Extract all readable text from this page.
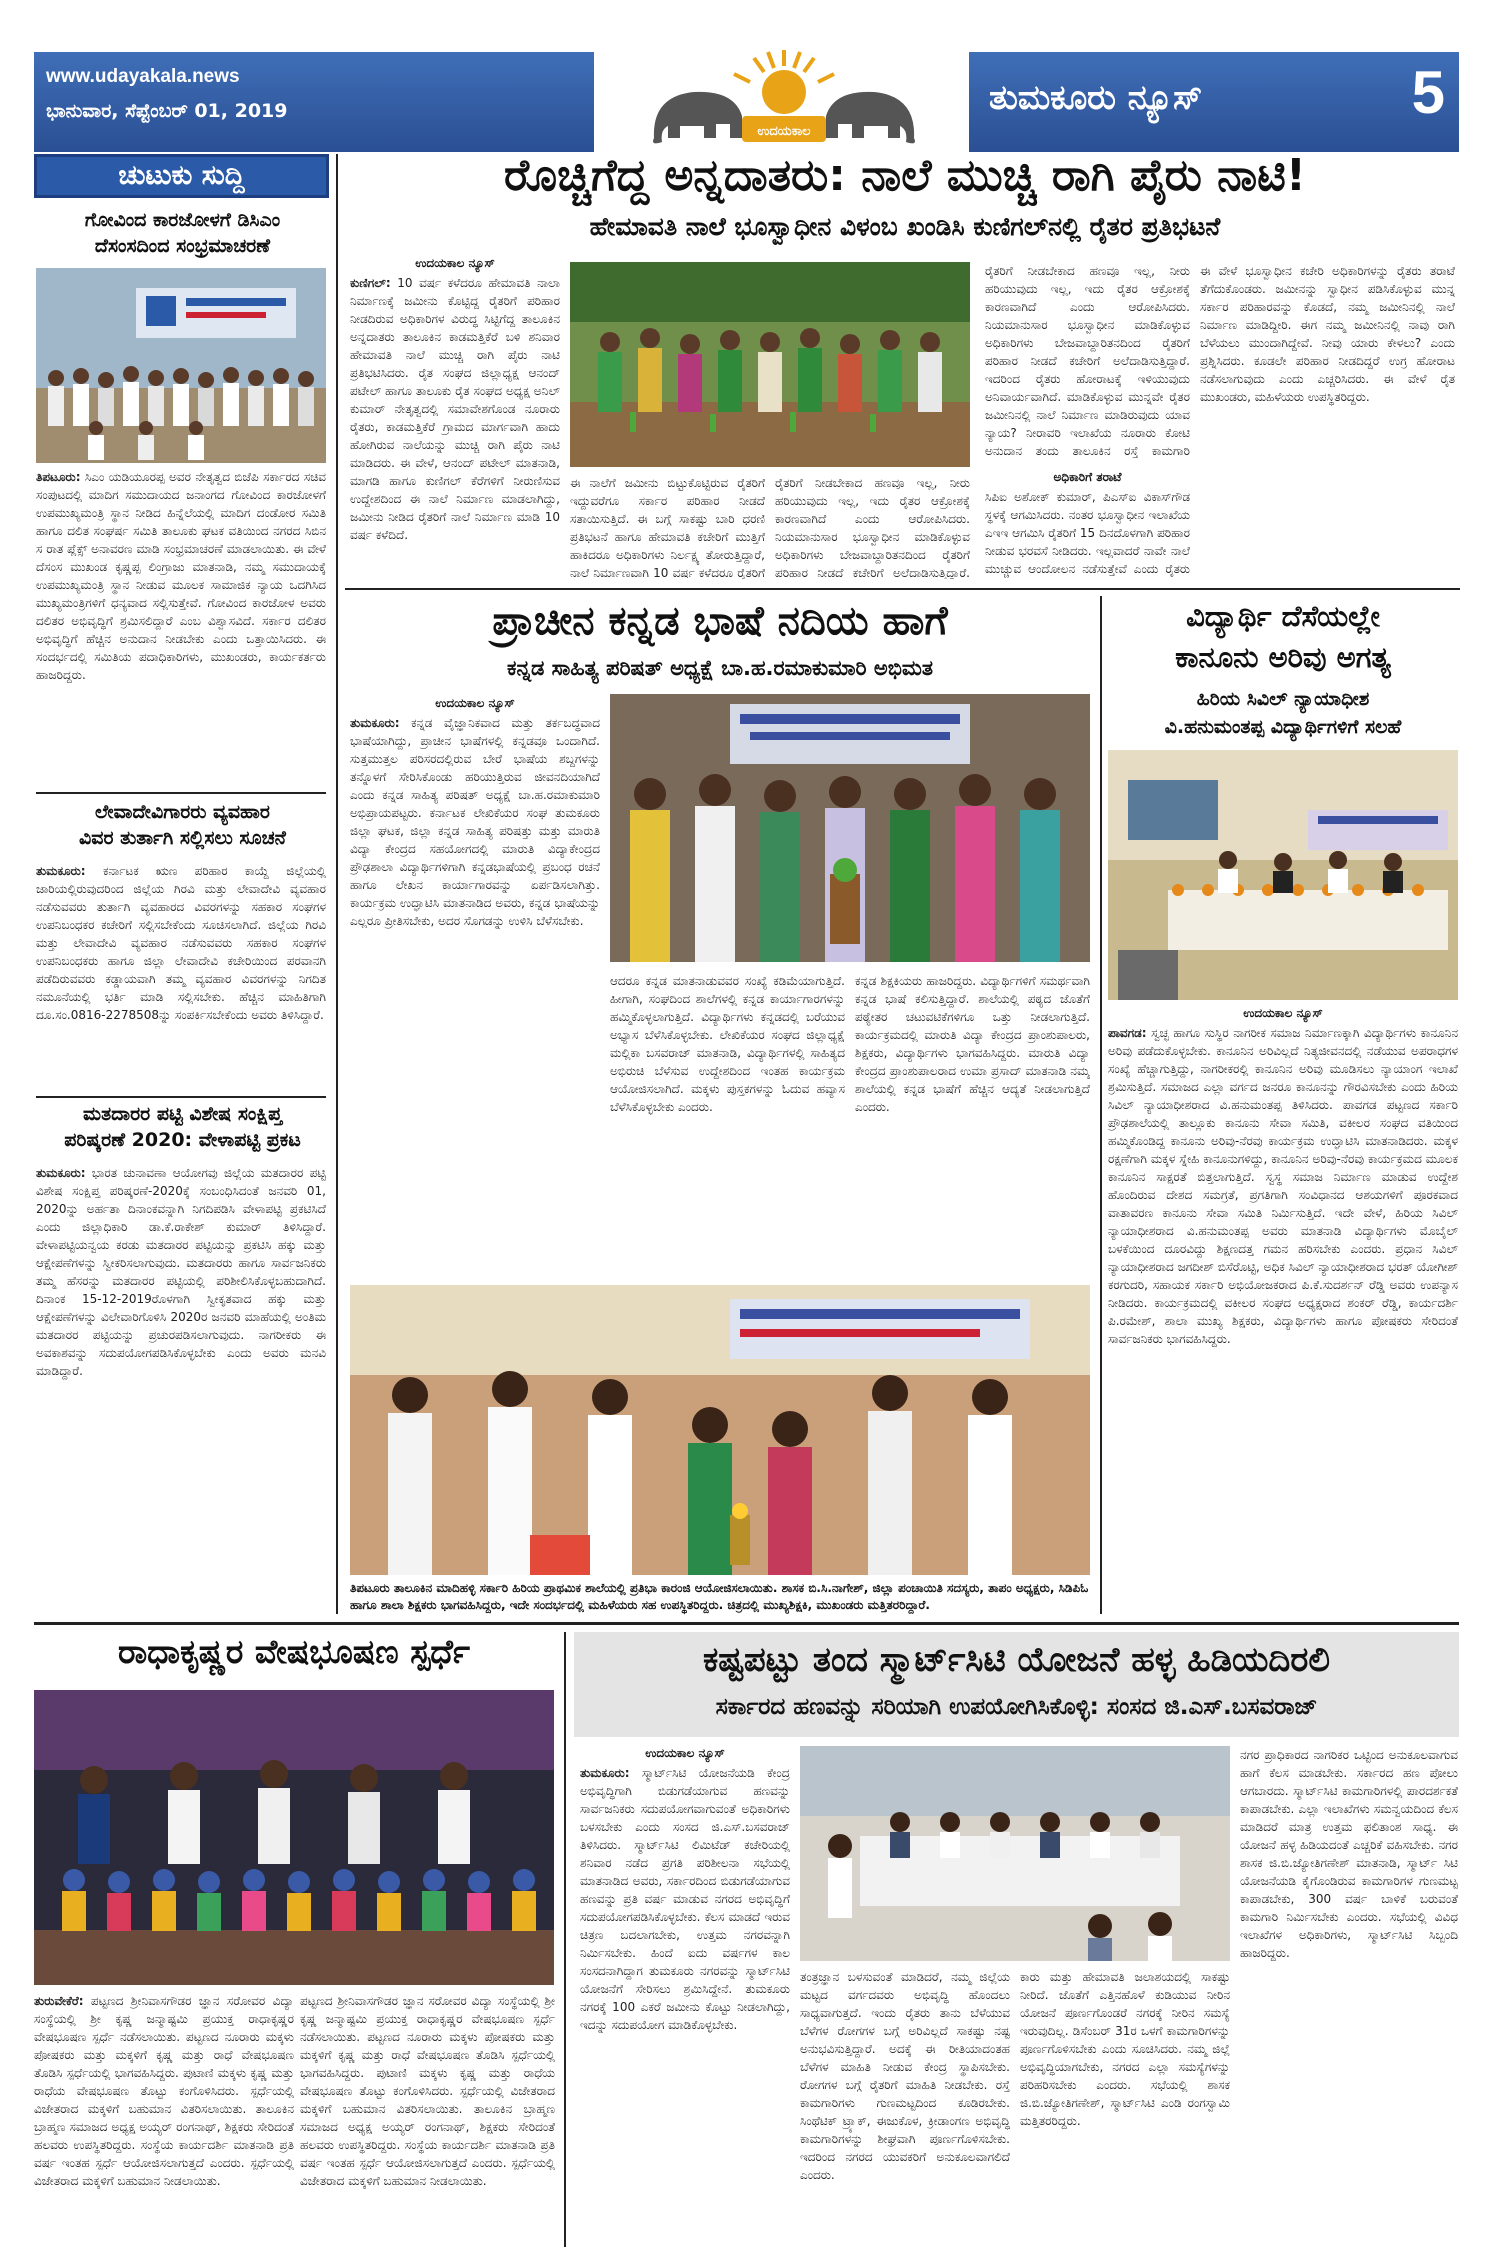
www.udayakala.news
ಭಾನುವಾರ, ಸೆಪ್ಟೆಂಬರ್ 01, 2019
ಉದಯಕಾಲ
ತುಮಕೂರು ನ್ಯೂಸ್	5
ಚುಟುಕು ಸುದ್ದಿ
ಗೋವಿಂದ ಕಾರಜೋಳಗೆ ಡಿಸಿಎಂ
ದೆಸಂಸದಿಂದ ಸಂಭ್ರಮಾಚರಣೆ
ತಿಪಟೂರು: ಸಿಎಂ ಯಡಿಯೂರಪ್ಪ ಅವರ ನೇತೃತ್ವದ ಬಿಜೆಪಿ ಸರ್ಕಾರದ ಸಚಿವ ಸಂಪುಟದಲ್ಲಿ ಮಾದಿಗ ಸಮುದಾಯದ ಜನಾಂಗದ ಗೋವಿಂದ ಕಾರಜೋಳಗೆ ಉಪಮುಖ್ಯಮಂತ್ರಿ ಸ್ಥಾನ ನೀಡಿದ ಹಿನ್ನೆಲೆಯಲ್ಲಿ ಮಾದಿಗ ದಂಡೋರ ಸಮಿತಿ ಹಾಗೂ ದಲಿತ ಸಂಘರ್ಷ ಸಮಿತಿ ತಾಲೂಕು ಘಟಕ ವತಿಯಿಂದ ನಗರದ ಸಿಬಿನ ಸ ರಾತ ಪ್ಲೆಕ್ಸ್ ಅನಾವರಣ ಮಾಡಿ ಸಂಭ್ರಮಾಚರಣೆ ಮಾಡಲಾಯಿತು. ಈ ವೇಳೆ ದೆಸಂಸ ಮುಖಂಡ ಕೃಷ್ಣಪ್ಪ ಲಿಂಗ್ರಾಜು ಮಾತನಾಡಿ, ನಮ್ಮ ಸಮುದಾಯಕ್ಕೆ ಉಪಮುಖ್ಯಮಂತ್ರಿ ಸ್ಥಾನ ನೀಡುವ ಮೂಲಕ ಸಾಮಾಜಿಕ ನ್ಯಾಯ ಒದಗಿಸಿದ ಮುಖ್ಯಮಂತ್ರಿಗಳಿಗೆ ಧನ್ಯವಾದ ಸಲ್ಲಿಸುತ್ತೇವೆ. ಗೋವಿಂದ ಕಾರಜೋಳ ಅವರು ದಲಿತರ ಅಭಿವೃದ್ಧಿಗೆ ಶ್ರಮಿಸಲಿದ್ದಾರೆ ಎಂಬ ವಿಶ್ವಾಸವಿದೆ. ಸರ್ಕಾರ ದಲಿತರ ಅಭಿವೃದ್ಧಿಗೆ ಹೆಚ್ಚಿನ ಅನುದಾನ ನೀಡಬೇಕು ಎಂದು ಒತ್ತಾಯಿಸಿದರು. ಈ ಸಂದರ್ಭದಲ್ಲಿ ಸಮಿತಿಯ ಪದಾಧಿಕಾರಿಗಳು, ಮುಖಂಡರು, ಕಾರ್ಯಕರ್ತರು ಹಾಜರಿದ್ದರು.
ಲೇವಾದೇವಿಗಾರರು ವ್ಯವಹಾರ
ವಿವರ ತುರ್ತಾಗಿ ಸಲ್ಲಿಸಲು ಸೂಚನೆ
ತುಮಕೂರು: ಕರ್ನಾಟಕ ಋಣ ಪರಿಹಾರ ಕಾಯ್ದೆ ಜಿಲ್ಲೆಯಲ್ಲಿ ಜಾರಿಯಲ್ಲಿರುವುದರಿಂದ ಜಿಲ್ಲೆಯ ಗಿರವಿ ಮತ್ತು ಲೇವಾದೇವಿ ವ್ಯವಹಾರ ನಡೆಸುವವರು ತುರ್ತಾಗಿ ವ್ಯವಹಾರದ ವಿವರಗಳನ್ನು ಸಹಕಾರ ಸಂಘಗಳ ಉಪನಿಬಂಧಕರ ಕಚೇರಿಗೆ ಸಲ್ಲಿಸಬೇಕೆಂದು ಸೂಚಿಸಲಾಗಿದೆ. ಜಿಲ್ಲೆಯ ಗಿರವಿ ಮತ್ತು ಲೇವಾದೇವಿ ವ್ಯವಹಾರ ನಡೆಸುವವರು ಸಹಕಾರ ಸಂಘಗಳ ಉಪನಿಬಂಧಕರು ಹಾಗೂ ಜಿಲ್ಲಾ ಲೇವಾದೇವಿ ಕಚೇರಿಯಿಂದ ಪರವಾನಗಿ ಪಡೆದಿರುವವರು ಕಡ್ಡಾಯವಾಗಿ ತಮ್ಮ ವ್ಯವಹಾರ ವಿವರಗಳನ್ನು ನಿಗದಿತ ನಮೂನೆಯಲ್ಲಿ ಭರ್ತಿ ಮಾಡಿ ಸಲ್ಲಿಸಬೇಕು. ಹೆಚ್ಚಿನ ಮಾಹಿತಿಗಾಗಿ ದೂ.ಸಂ.0816-2278508ನ್ನು ಸಂಪರ್ಕಿಸಬೇಕೆಂದು ಅವರು ತಿಳಿಸಿದ್ದಾರೆ.
ಮತದಾರರ ಪಟ್ಟಿ ವಿಶೇಷ ಸಂಕ್ಷಿಪ್ತ
ಪರಿಷ್ಕರಣೆ 2020: ವೇಳಾಪಟ್ಟಿ ಪ್ರಕಟ
ತುಮಕೂರು: ಭಾರತ ಚುನಾವಣಾ ಆಯೋಗವು ಜಿಲ್ಲೆಯ ಮತದಾರರ ಪಟ್ಟಿ ವಿಶೇಷ ಸಂಕ್ಷಿಪ್ತ ಪರಿಷ್ಕರಣೆ-2020ಕ್ಕೆ ಸಂಬಂಧಿಸಿದಂತೆ ಜನವರಿ 01, 2020ನ್ನು ಅರ್ಹತಾ ದಿನಾಂಕವನ್ನಾಗಿ ನಿಗದಿಪಡಿಸಿ ವೇಳಾಪಟ್ಟಿ ಪ್ರಕಟಿಸಿದೆ ಎಂದು ಜಿಲ್ಲಾಧಿಕಾರಿ ಡಾ.ಕೆ.ರಾಕೇಶ್ ಕುಮಾರ್ ತಿಳಿಸಿದ್ದಾರೆ. ವೇಳಾಪಟ್ಟಿಯನ್ವಯ ಕರಡು ಮತದಾರರ ಪಟ್ಟಿಯನ್ನು ಪ್ರಕಟಿಸಿ ಹಕ್ಕು ಮತ್ತು ಆಕ್ಷೇಪಣೆಗಳನ್ನು ಸ್ವೀಕರಿಸಲಾಗುವುದು. ಮತದಾರರು ಹಾಗೂ ಸಾರ್ವಜನಿಕರು ತಮ್ಮ ಹೆಸರನ್ನು ಮತದಾರರ ಪಟ್ಟಿಯಲ್ಲಿ ಪರಿಶೀಲಿಸಿಕೊಳ್ಳಬಹುದಾಗಿದೆ. ದಿನಾಂಕ 15-12-2019ರೊಳಗಾಗಿ ಸ್ವೀಕೃತವಾದ ಹಕ್ಕು ಮತ್ತು ಆಕ್ಷೇಪಣೆಗಳನ್ನು ವಿಲೇವಾರಿಗೊಳಿಸಿ 2020ರ ಜನವರಿ ಮಾಹೆಯಲ್ಲಿ ಅಂತಿಮ ಮತದಾರರ ಪಟ್ಟಿಯನ್ನು ಪ್ರಚುರಪಡಿಸಲಾಗುವುದು. ನಾಗರೀಕರು ಈ ಅವಕಾಶವನ್ನು ಸದುಪಯೋಗಪಡಿಸಿಕೊಳ್ಳಬೇಕು ಎಂದು ಅವರು ಮನವಿ ಮಾಡಿದ್ದಾರೆ.
ರೊಚ್ಚಿಗೆದ್ದ ಅನ್ನದಾತರು: ನಾಲೆ ಮುಚ್ಚಿ ರಾಗಿ ಪೈರು ನಾಟಿ!
ಹೇಮಾವತಿ ನಾಲೆ ಭೂಸ್ವಾಧೀನ ವಿಳಂಬ ಖಂಡಿಸಿ ಕುಣಿಗಲ್‌ನಲ್ಲಿ ರೈತರ ಪ್ರತಿಭಟನೆ
ಉದಯಕಾಲ ನ್ಯೂಸ್
ಕುಣಿಗಲ್: 10 ವರ್ಷ ಕಳೆದರೂ ಹೇಮಾವತಿ ನಾಲಾ ನಿರ್ಮಾಣಕ್ಕೆ ಜಮೀನು ಕೊಟ್ಟಿದ್ದ ರೈತರಿಗೆ ಪರಿಹಾರ ನೀಡದಿರುವ ಅಧಿಕಾರಿಗಳ ವಿರುದ್ಧ ಸಿಟ್ಟಿಗೆದ್ದ ತಾಲೂಕಿನ ಅನ್ನದಾತರು ತಾಲೂಕಿನ ಕಾಡಮತ್ತಿಕೆರೆ ಬಳಿ ಶನಿವಾರ ಹೇಮಾವತಿ ನಾಲೆ ಮುಚ್ಚಿ ರಾಗಿ ಪೈರು ನಾಟಿ ಪ್ರತಿಭಟಿಸಿದರು. ರೈತ ಸಂಘದ ಜಿಲ್ಲಾಧ್ಯಕ್ಷ ಆನಂದ್ ಪಟೇಲ್ ಹಾಗೂ ತಾಲೂಕು ರೈತ ಸಂಘದ ಅಧ್ಯಕ್ಷ ಅನಿಲ್ ಕುಮಾರ್ ನೇತೃತ್ವದಲ್ಲಿ ಸಮಾವೇಶಗೊಂಡ ನೂರಾರು ರೈತರು, ಕಾಡಮತ್ತಿಕೆರೆ ಗ್ರಾಮದ ಮಾರ್ಗವಾಗಿ ಹಾದು ಹೋಗಿರುವ ನಾಲೆಯನ್ನು ಮುಚ್ಚಿ ರಾಗಿ ಪೈರು ನಾಟಿ ಮಾಡಿದರು. ಈ ವೇಳೆ, ಆನಂದ್ ಪಟೇಲ್ ಮಾತನಾಡಿ, ಮಾಗಡಿ ಹಾಗೂ ಕುಣಿಗಲ್ ಕೆರೆಗಳಿಗೆ ನೀರುಣಿಸುವ ಉದ್ದೇಶದಿಂದ ಈ ನಾಲೆ ನಿರ್ಮಾಣ ಮಾಡಲಾಗಿದ್ದು, ಜಮೀನು ನೀಡಿದ ರೈತರಿಗೆ ನಾಲೆ ನಿರ್ಮಾಣ ಮಾಡಿ 10 ವರ್ಷ ಕಳೆದಿದೆ.
ಈ ನಾಲೆಗೆ ಜಮೀನು ಬಿಟ್ಟುಕೊಟ್ಟಿರುವ ರೈತರಿಗೆ ಇದ್ದುವರೆಗೂ ಸರ್ಕಾರ ಪರಿಹಾರ ನೀಡದೆ ಸತಾಯಿಸುತ್ತಿದೆ. ಈ ಬಗ್ಗೆ ಸಾಕಷ್ಟು ಬಾರಿ ಧರಣಿ ಪ್ರತಿಭಟನೆ ಹಾಗೂ ಹೇಮಾವತಿ ಕಚೇರಿಗೆ ಮುತ್ತಿಗೆ ಹಾಕಿದರೂ ಅಧಿಕಾರಿಗಳು ನಿರ್ಲಕ್ಷ್ಯ ತೋರುತ್ತಿದ್ದಾರೆ, ನಾಲೆ ನಿರ್ಮಾಣವಾಗಿ 10 ವರ್ಷ ಕಳೆದರೂ ರೈತರಿಗೆ
ರೈತರಿಗೆ ನೀಡಬೇಕಾದ ಹಣವೂ ಇಲ್ಲ, ನೀರು ಹರಿಯುವುದು ಇಲ್ಲ, ಇದು ರೈತರ ಆಕ್ರೋಶಕ್ಕೆ ಕಾರಣವಾಗಿದೆ ಎಂದು ಆರೋಪಿಸಿದರು. ನಿಯಮಾನುಸಾರ ಭೂಸ್ವಾಧೀನ ಮಾಡಿಕೊಳ್ಳುವ ಅಧಿಕಾರಿಗಳು ಬೇಜವಾಬ್ದಾರಿತನದಿಂದ ರೈತರಿಗೆ ಪರಿಹಾರ ನೀಡದೆ ಕಚೇರಿಗೆ ಅಲೆದಾಡಿಸುತ್ತಿದ್ದಾರೆ.
ರೈತರಿಗೆ ನೀಡಬೇಕಾದ ಹಣವೂ ಇಲ್ಲ, ನೀರು ಹರಿಯುವುದು ಇಲ್ಲ, ಇದು ರೈತರ ಆಕ್ರೋಶಕ್ಕೆ ಕಾರಣವಾಗಿದೆ ಎಂದು ಆರೋಪಿಸಿದರು. ನಿಯಮಾನುಸಾರ ಭೂಸ್ವಾಧೀನ ಮಾಡಿಕೊಳ್ಳುವ ಅಧಿಕಾರಿಗಳು ಬೇಜವಾಬ್ದಾರಿತನದಿಂದ ರೈತರಿಗೆ ಪರಿಹಾರ ನೀಡದೆ ಕಚೇರಿಗೆ ಅಲೆದಾಡಿಸುತ್ತಿದ್ದಾರೆ. ಇದರಿಂದ ರೈತರು ಹೋರಾಟಕ್ಕೆ ಇಳಿಯುವುದು ಅನಿವಾರ್ಯವಾಗಿದೆ. ಮಾಡಿಕೊಳ್ಳುವ ಮುನ್ನವೇ ರೈತರ ಜಮೀನಿನಲ್ಲಿ ನಾಲೆ ನಿರ್ಮಾಣ ಮಾಡಿರುವುದು ಯಾವ ನ್ಯಾಯ? ನೀರಾವರಿ ಇಲಾಖೆಯ ನೂರಾರು ಕೋಟಿ ಅನುದಾನ ತಂದು ತಾಲೂಕಿನ ರಸ್ತೆ ಕಾಮಗಾರಿ
ಅಧಿಕಾರಿಗೆ ತರಾಟೆ
ಸಿಪಿಐ ಅಶೋಕ್ ಕುಮಾರ್, ಪಿಎಸ್‌ಐ ವಿಕಾಸ್‌ಗೌಡ ಸ್ಥಳಕ್ಕೆ ಆಗಮಿಸಿದರು. ನಂತರ ಭೂಸ್ವಾಧೀನ ಇಲಾಖೆಯ ಎಇಇ ಆಗಮಿಸಿ ರೈತರಿಗೆ 15 ದಿನದೊಳಗಾಗಿ ಪರಿಹಾರ ನೀಡುವ ಭರವಸೆ ನೀಡಿದರು. ಇಲ್ಲವಾದರೆ ನಾವೇ ನಾಲೆ ಮುಚ್ಚುವ ಆಂದೋಲನ ನಡೆಸುತ್ತೇವೆ ಎಂದು ರೈತರು
ಈ ವೇಳೆ ಭೂಸ್ವಾಧೀನ ಕಚೇರಿ ಅಧಿಕಾರಿಗಳನ್ನು ರೈತರು ತರಾಟೆ ತೆಗೆದುಕೊಂಡರು. ಜಮೀನನ್ನು ಸ್ವಾಧೀನ ಪಡಿಸಿಕೊಳ್ಳುವ ಮುನ್ನ ಸರ್ಕಾರ ಪರಿಹಾರವನ್ನು ಕೊಡದೆ, ನಮ್ಮ ಜಮೀನಿನಲ್ಲಿ ನಾಲೆ ನಿರ್ಮಾಣ ಮಾಡಿದ್ದೀರಿ. ಈಗ ನಮ್ಮ ಜಮೀನಿನಲ್ಲಿ ನಾವು ರಾಗಿ ಬೆಳೆಯಲು ಮುಂದಾಗಿದ್ದೇವೆ. ನೀವು ಯಾರು ಕೇಳಲು? ಎಂದು ಪ್ರಶ್ನಿಸಿದರು. ಕೂಡಲೇ ಪರಿಹಾರ ನೀಡದಿದ್ದರೆ ಉಗ್ರ ಹೋರಾಟ ನಡೆಸಲಾಗುವುದು ಎಂದು ಎಚ್ಚರಿಸಿದರು. ಈ ವೇಳೆ ರೈತ ಮುಖಂಡರು, ಮಹಿಳೆಯರು ಉಪಸ್ಥಿತರಿದ್ದರು.
ಪ್ರಾಚೀನ ಕನ್ನಡ ಭಾಷೆ ನದಿಯ ಹಾಗೆ
ಕನ್ನಡ ಸಾಹಿತ್ಯ ಪರಿಷತ್ ಅಧ್ಯಕ್ಷೆ ಬಾ.ಹ.ರಮಾಕುಮಾರಿ ಅಭಿಮತ
ಉದಯಕಾಲ ನ್ಯೂಸ್
ತುಮಕೂರು: ಕನ್ನಡ ವೈಜ್ಞಾನಿಕವಾದ ಮತ್ತು ತರ್ಕಬದ್ಧವಾದ ಭಾಷೆಯಾಗಿದ್ದು, ಪ್ರಾಚೀನ ಭಾಷೆಗಳಲ್ಲಿ ಕನ್ನಡವೂ ಒಂದಾಗಿದೆ. ಸುತ್ತಮುತ್ತಲ ಪರಿಸರದಲ್ಲಿರುವ ಬೇರೆ ಭಾಷೆಯ ಶಬ್ದಗಳನ್ನು ತನ್ನೊಳಗೆ ಸೇರಿಸಿಕೊಂಡು ಹರಿಯುತ್ತಿರುವ ಜೀವನದಿಯಾಗಿದೆ ಎಂದು ಕನ್ನಡ ಸಾಹಿತ್ಯ ಪರಿಷತ್ ಅಧ್ಯಕ್ಷೆ ಬಾ.ಹ.ರಮಾಕುಮಾರಿ ಅಭಿಪ್ರಾಯಪಟ್ಟರು. ಕರ್ನಾಟಕ ಲೇಖಿಕೆಯರ ಸಂಘ ತುಮಕೂರು ಜಿಲ್ಲಾ ಘಟಕ, ಜಿಲ್ಲಾ ಕನ್ನಡ ಸಾಹಿತ್ಯ ಪರಿಷತ್ತು ಮತ್ತು ಮಾರುತಿ ವಿದ್ಯಾ ಕೇಂದ್ರದ ಸಹಯೋಗದಲ್ಲಿ ಮಾರುತಿ ವಿದ್ಯಾಕೇಂದ್ರದ ಪ್ರೌಢಶಾಲಾ ವಿದ್ಯಾರ್ಥಿಗಳಿಗಾಗಿ ಕನ್ನಡಭಾಷೆಯಲ್ಲಿ ಪ್ರಬಂಧ ರಚನೆ ಹಾಗೂ ಲೇಖನ ಕಾರ್ಯಾಗಾರವನ್ನು ಏರ್ಪಡಿಸಲಾಗಿತ್ತು. ಕಾರ್ಯಕ್ರಮ ಉದ್ಘಾಟಿಸಿ ಮಾತನಾಡಿದ ಅವರು, ಕನ್ನಡ ಭಾಷೆಯನ್ನು ಎಲ್ಲರೂ ಪ್ರೀತಿಸಬೇಕು, ಅದರ ಸೊಗಡನ್ನು ಉಳಿಸಿ ಬೆಳೆಸಬೇಕು.
ಆದರೂ ಕನ್ನಡ ಮಾತನಾಡುವವರ ಸಂಖ್ಯೆ ಕಡಿಮೆಯಾಗುತ್ತಿದೆ. ಹೀಗಾಗಿ, ಸಂಘದಿಂದ ಶಾಲೆಗಳಲ್ಲಿ ಕನ್ನಡ ಕಾರ್ಯಾಗಾರಗಳನ್ನು ಹಮ್ಮಿಕೊಳ್ಳಲಾಗುತ್ತಿದೆ. ವಿದ್ಯಾರ್ಥಿಗಳು ಕನ್ನಡದಲ್ಲಿ ಬರೆಯುವ ಅಭ್ಯಾಸ ಬೆಳೆಸಿಕೊಳ್ಳಬೇಕು. ಲೇಖಿಕೆಯರ ಸಂಘದ ಜಿಲ್ಲಾಧ್ಯಕ್ಷೆ ಮಲ್ಲಿಕಾ ಬಸವರಾಜ್ ಮಾತನಾಡಿ, ವಿದ್ಯಾರ್ಥಿಗಳಲ್ಲಿ ಸಾಹಿತ್ಯದ ಅಭಿರುಚಿ ಬೆಳೆಸುವ ಉದ್ದೇಶದಿಂದ ಇಂತಹ ಕಾರ್ಯಕ್ರಮ ಆಯೋಜಿಸಲಾಗಿದೆ. ಮಕ್ಕಳು ಪುಸ್ತಕಗಳನ್ನು ಓದುವ ಹವ್ಯಾಸ ಬೆಳೆಸಿಕೊಳ್ಳಬೇಕು ಎಂದರು.
ಕನ್ನಡ ಶಿಕ್ಷಕಿಯರು ಹಾಜರಿದ್ದರು. ವಿದ್ಯಾರ್ಥಿಗಳಿಗೆ ಸಮರ್ಥವಾಗಿ ಕನ್ನಡ ಭಾಷೆ ಕಲಿಸುತ್ತಿದ್ದಾರೆ. ಶಾಲೆಯಲ್ಲಿ ಪಠ್ಯದ ಜೊತೆಗೆ ಪಠ್ಯೇತರ ಚಟುವಟಿಕೆಗಳಿಗೂ ಒತ್ತು ನೀಡಲಾಗುತ್ತಿದೆ. ಕಾರ್ಯಕ್ರಮದಲ್ಲಿ ಮಾರುತಿ ವಿದ್ಯಾ ಕೇಂದ್ರದ ಪ್ರಾಂಶುಪಾಲರು, ಶಿಕ್ಷಕರು, ವಿದ್ಯಾರ್ಥಿಗಳು ಭಾಗವಹಿಸಿದ್ದರು. ಮಾರುತಿ ವಿದ್ಯಾ ಕೇಂದ್ರದ ಪ್ರಾಂಶುಪಾಲರಾದ ಉಮಾ ಪ್ರಸಾದ್ ಮಾತನಾಡಿ ನಮ್ಮ ಶಾಲೆಯಲ್ಲಿ ಕನ್ನಡ ಭಾಷೆಗೆ ಹೆಚ್ಚಿನ ಆದ್ಯತೆ ನೀಡಲಾಗುತ್ತಿದೆ ಎಂದರು.
ವಿದ್ಯಾರ್ಥಿ ದೆಸೆಯಲ್ಲೇ
ಕಾನೂನು ಅರಿವು ಅಗತ್ಯ
ಹಿರಿಯ ಸಿವಿಲ್ ನ್ಯಾಯಾಧೀಶ
ವಿ.ಹನುಮಂತಪ್ಪ ವಿದ್ಯಾರ್ಥಿಗಳಿಗೆ ಸಲಹೆ
ಉದಯಕಾಲ ನ್ಯೂಸ್
ಪಾವಗಡ: ಸ್ವಚ್ಛ ಹಾಗೂ ಸುಸ್ಥಿರ ನಾಗರೀಕ ಸಮಾಜ ನಿರ್ಮಾಣಕ್ಕಾಗಿ ವಿದ್ಯಾರ್ಥಿಗಳು ಕಾನೂನಿನ ಅರಿವು ಪಡೆದುಕೊಳ್ಳಬೇಕು. ಕಾನೂನಿನ ಅರಿವಿಲ್ಲದೆ ನಿತ್ಯಜೀವನದಲ್ಲಿ ನಡೆಯುವ ಅಪರಾಧಗಳ ಸಂಖ್ಯೆ ಹೆಚ್ಚಾಗುತ್ತಿದ್ದು, ನಾಗರೀಕರಲ್ಲಿ ಕಾನೂನಿನ ಅರಿವು ಮೂಡಿಸಲು ನ್ಯಾಯಾಂಗ ಇಲಾಖೆ ಶ್ರಮಿಸುತ್ತಿದೆ. ಸಮಾಜದ ಎಲ್ಲಾ ವರ್ಗದ ಜನರೂ ಕಾನೂನನ್ನು ಗೌರವಿಸಬೇಕು ಎಂದು ಹಿರಿಯ ಸಿವಿಲ್ ನ್ಯಾಯಾಧೀಶರಾದ ವಿ.ಹನುಮಂತಪ್ಪ ತಿಳಿಸಿದರು. ಪಾವಗಡ ಪಟ್ಟಣದ ಸರ್ಕಾರಿ ಪ್ರೌಢಶಾಲೆಯಲ್ಲಿ ತಾಲ್ಲೂಕು ಕಾನೂನು ಸೇವಾ ಸಮಿತಿ, ವಕೀಲರ ಸಂಘದ ವತಿಯಿಂದ ಹಮ್ಮಿಕೊಂಡಿದ್ದ ಕಾನೂನು ಅರಿವು-ನೆರವು ಕಾರ್ಯಕ್ರಮ ಉದ್ಘಾಟಿಸಿ ಮಾತನಾಡಿದರು. ಮಕ್ಕಳ ರಕ್ಷಣೆಗಾಗಿ ಮಕ್ಕಳ ಸ್ನೇಹಿ ಕಾನೂನುಗಳಿದ್ದು, ಕಾನೂನಿನ ಅರಿವು-ನೆರವು ಕಾರ್ಯಕ್ರಮದ ಮೂಲಕ ಕಾನೂನಿನ ಸಾಕ್ಷರತೆ ಬಿತ್ತಲಾಗುತ್ತಿದೆ. ಸ್ವಸ್ಥ ಸಮಾಜ ನಿರ್ಮಾಣ ಮಾಡುವ ಉದ್ದೇಶ ಹೊಂದಿರುವ ದೇಶದ ಸಮಗ್ರತೆ, ಪ್ರಗತಿಗಾಗಿ ಸಂವಿಧಾನದ ಆಶಯಗಳಿಗೆ ಪೂರಕವಾದ ವಾತಾವರಣ ಕಾನೂನು ಸೇವಾ ಸಮಿತಿ ನಿರ್ಮಿಸುತ್ತಿದೆ. ಇದೇ ವೇಳೆ, ಹಿರಿಯ ಸಿವಿಲ್ ನ್ಯಾಯಾಧೀಶರಾದ ವಿ.ಹನುಮಂತಪ್ಪ ಅವರು ಮಾತನಾಡಿ ವಿದ್ಯಾರ್ಥಿಗಳು ಮೊಬೈಲ್ ಬಳಕೆಯಿಂದ ದೂರವಿದ್ದು ಶಿಕ್ಷಣದತ್ತ ಗಮನ ಹರಿಸಬೇಕು ಎಂದರು. ಪ್ರಧಾನ ಸಿವಿಲ್ ನ್ಯಾಯಾಧೀಶರಾದ ಜಗದೀಶ್ ಬಿಸೆರೊಟ್ಟಿ, ಅಧಿಕ ಸಿವಿಲ್ ನ್ಯಾಯಾಧೀಶರಾದ ಭರತ್ ಯೋಗೀಶ್ ಕರಗುದರಿ, ಸಹಾಯಕ ಸರ್ಕಾರಿ ಅಭಿಯೋಜಕರಾದ ಪಿ.ಕೆ.ಸುದರ್ಶನ್ ರೆಡ್ಡಿ ಅವರು ಉಪನ್ಯಾಸ ನೀಡಿದರು. ಕಾರ್ಯಕ್ರಮದಲ್ಲಿ ವಕೀಲರ ಸಂಘದ ಅಧ್ಯಕ್ಷರಾದ ಶಂಕರ್ ರೆಡ್ಡಿ, ಕಾರ್ಯದರ್ಶಿ ಪಿ.ರಮೇಶ್, ಶಾಲಾ ಮುಖ್ಯ ಶಿಕ್ಷಕರು, ವಿದ್ಯಾರ್ಥಿಗಳು ಹಾಗೂ ಪೋಷಕರು ಸೇರಿದಂತೆ ಸಾರ್ವಜನಿಕರು ಭಾಗವಹಿಸಿದ್ದರು.
ತಿಪಟೂರು ತಾಲೂಕಿನ ಮಾದಿಹಳ್ಳಿ ಸರ್ಕಾರಿ ಹಿರಿಯ ಪ್ರಾಥಮಿಕ ಶಾಲೆಯಲ್ಲಿ ಪ್ರತಿಭಾ ಕಾರಂಜಿ ಆಯೋಜಿಸಲಾಯಿತು. ಶಾಸಕ ಬಿ.ಸಿ.ನಾಗೇಶ್, ಜಿಲ್ಲಾ ಪಂಚಾಯಿತಿ ಸದಸ್ಯರು, ತಾಪಂ ಅಧ್ಯಕ್ಷರು, ಸಿಡಿಪಿಓ ಹಾಗೂ ಶಾಲಾ ಶಿಕ್ಷಕರು ಭಾಗವಹಿಸಿದ್ದರು, ಇದೇ ಸಂದರ್ಭದಲ್ಲಿ ಮಹಿಳೆಯರು ಸಹ ಉಪಸ್ಥಿತರಿದ್ದರು. ಚಿತ್ರದಲ್ಲಿ ಮುಖ್ಯಶಿಕ್ಷಕಿ, ಮುಖಂಡರು ಮತ್ತಿತರರಿದ್ದಾರೆ.
ರಾಧಾಕೃಷ್ಣರ ವೇಷಭೂಷಣ ಸ್ಪರ್ಧೆ
ತುರುವೇಕೆರೆ: ಪಟ್ಟಣದ ಶ್ರೀನಿವಾಸಗೌಡರ ಜ್ಞಾನ ಸರೋವರ ವಿದ್ಯಾ ಸಂಸ್ಥೆಯಲ್ಲಿ ಶ್ರೀ ಕೃಷ್ಣ ಜನ್ಮಾಷ್ಟಮಿ ಪ್ರಯುಕ್ತ ರಾಧಾಕೃಷ್ಣರ ವೇಷಭೂಷಣ ಸ್ಪರ್ಧೆ ನಡೆಸಲಾಯಿತು. ಪಟ್ಟಣದ ನೂರಾರು ಮಕ್ಕಳು ಪೋಷಕರು ಮತ್ತು ಮಕ್ಕಳಿಗೆ ಕೃಷ್ಣ ಮತ್ತು ರಾಧೆ ವೇಷಭೂಷಣ ತೊಡಿಸಿ ಸ್ಪರ್ಧೆಯಲ್ಲಿ ಭಾಗವಹಿಸಿದ್ದರು. ಪುಟಾಣಿ ಮಕ್ಕಳು ಕೃಷ್ಣ ಮತ್ತು ರಾಧೆಯ ವೇಷಭೂಷಣ ತೊಟ್ಟು ಕಂಗೊಳಿಸಿದರು. ಸ್ಪರ್ಧೆಯಲ್ಲಿ ವಿಜೇತರಾದ ಮಕ್ಕಳಿಗೆ ಬಹುಮಾನ ವಿತರಿಸಲಾಯಿತು. ತಾಲೂಕಿನ ಬ್ರಾಹ್ಮಣ ಸಮಾಜದ ಅಧ್ಯಕ್ಷ ಅಯ್ಯರ್ ರಂಗನಾಥ್, ಶಿಕ್ಷಕರು ಸೇರಿದಂತೆ ಹಲವರು ಉಪಸ್ಥಿತರಿದ್ದರು. ಸಂಸ್ಥೆಯ ಕಾರ್ಯದರ್ಶಿ ಮಾತನಾಡಿ ಪ್ರತಿ ವರ್ಷ ಇಂತಹ ಸ್ಪರ್ಧೆ ಆಯೋಜಿಸಲಾಗುತ್ತದೆ ಎಂದರು. ಸ್ಪರ್ಧೆಯಲ್ಲಿ ವಿಜೇತರಾದ ಮಕ್ಕಳಿಗೆ ಬಹುಮಾನ ನೀಡಲಾಯಿತು.
ಪಟ್ಟಣದ ಶ್ರೀನಿವಾಸಗೌಡರ ಜ್ಞಾನ ಸರೋವರ ವಿದ್ಯಾ ಸಂಸ್ಥೆಯಲ್ಲಿ ಶ್ರೀ ಕೃಷ್ಣ ಜನ್ಮಾಷ್ಟಮಿ ಪ್ರಯುಕ್ತ ರಾಧಾಕೃಷ್ಣರ ವೇಷಭೂಷಣ ಸ್ಪರ್ಧೆ ನಡೆಸಲಾಯಿತು. ಪಟ್ಟಣದ ನೂರಾರು ಮಕ್ಕಳು ಪೋಷಕರು ಮತ್ತು ಮಕ್ಕಳಿಗೆ ಕೃಷ್ಣ ಮತ್ತು ರಾಧೆ ವೇಷಭೂಷಣ ತೊಡಿಸಿ ಸ್ಪರ್ಧೆಯಲ್ಲಿ ಭಾಗವಹಿಸಿದ್ದರು. ಪುಟಾಣಿ ಮಕ್ಕಳು ಕೃಷ್ಣ ಮತ್ತು ರಾಧೆಯ ವೇಷಭೂಷಣ ತೊಟ್ಟು ಕಂಗೊಳಿಸಿದರು. ಸ್ಪರ್ಧೆಯಲ್ಲಿ ವಿಜೇತರಾದ ಮಕ್ಕಳಿಗೆ ಬಹುಮಾನ ವಿತರಿಸಲಾಯಿತು. ತಾಲೂಕಿನ ಬ್ರಾಹ್ಮಣ ಸಮಾಜದ ಅಧ್ಯಕ್ಷ ಅಯ್ಯರ್ ರಂಗನಾಥ್, ಶಿಕ್ಷಕರು ಸೇರಿದಂತೆ ಹಲವರು ಉಪಸ್ಥಿತರಿದ್ದರು. ಸಂಸ್ಥೆಯ ಕಾರ್ಯದರ್ಶಿ ಮಾತನಾಡಿ ಪ್ರತಿ ವರ್ಷ ಇಂತಹ ಸ್ಪರ್ಧೆ ಆಯೋಜಿಸಲಾಗುತ್ತದೆ ಎಂದರು. ಸ್ಪರ್ಧೆಯಲ್ಲಿ ವಿಜೇತರಾದ ಮಕ್ಕಳಿಗೆ ಬಹುಮಾನ ನೀಡಲಾಯಿತು.
ಕಷ್ಟಪಟ್ಟು ತಂದ ಸ್ಮಾರ್ಟ್‌ಸಿಟಿ ಯೋಜನೆ ಹಳ್ಳ ಹಿಡಿಯದಿರಲಿ
ಸರ್ಕಾರದ ಹಣವನ್ನು ಸರಿಯಾಗಿ ಉಪಯೋಗಿಸಿಕೊಳ್ಳಿ: ಸಂಸದ ಜಿ.ಎಸ್.ಬಸವರಾಜ್
ಉದಯಕಾಲ ನ್ಯೂಸ್
ತುಮಕೂರು: ಸ್ಮಾರ್ಟ್‌ಸಿಟಿ ಯೋಜನೆಯಡಿ ಕೇಂದ್ರ ಅಭಿವೃದ್ಧಿಗಾಗಿ ಬಿಡುಗಡೆಯಾಗುವ ಹಣವನ್ನು ಸಾರ್ವಜನಿಕರು ಸದುಪಯೋಗವಾಗುವಂತೆ ಅಧಿಕಾರಿಗಳು ಬಳಸಬೇಕು ಎಂದು ಸಂಸದ ಜಿ.ಎಸ್.ಬಸವರಾಜ್ ತಿಳಿಸಿದರು. ಸ್ಮಾರ್ಟ್‌ಸಿಟಿ ಲಿಮಿಟೆಡ್ ಕಚೇರಿಯಲ್ಲಿ ಶನಿವಾರ ನಡೆದ ಪ್ರಗತಿ ಪರಿಶೀಲನಾ ಸಭೆಯಲ್ಲಿ ಮಾತನಾಡಿದ ಅವರು, ಸರ್ಕಾರದಿಂದ ಬಿಡುಗಡೆಯಾಗುವ ಹಣವನ್ನು ಪ್ರತಿ ವರ್ಷ ಮಾಡುವ ನಗರದ ಅಭಿವೃದ್ಧಿಗೆ ಸದುಪಯೋಗಪಡಿಸಿಕೊಳ್ಳಬೇಕು. ಕೆಲಸ ಮಾಡದೆ ಇರುವ ಚಿತ್ರಣ ಬದಲಾಗಬೇಕು, ಉತ್ತಮ ನಗರವನ್ನಾಗಿ ನಿರ್ಮಿಸಬೇಕು. ಹಿಂದೆ ಐದು ವರ್ಷಗಳ ಕಾಲ ಸಂಸದನಾಗಿದ್ದಾಗ ತುಮಕೂರು ನಗರವನ್ನು ಸ್ಮಾರ್ಟ್‌ಸಿಟಿ ಯೋಜನೆಗೆ ಸೇರಿಸಲು ಶ್ರಮಿಸಿದ್ದೇನೆ. ತುಮಕೂರು ನಗರಕ್ಕೆ 100 ಎಕರೆ ಜಮೀನು ಕೊಟ್ಟು ನೀಡಲಾಗಿದ್ದು, ಇದನ್ನು ಸದುಪಯೋಗ ಮಾಡಿಕೊಳ್ಳಬೇಕು.
ತಂತ್ರಜ್ಞಾನ ಬಳಸುವಂತೆ ಮಾಡಿದರೆ, ನಮ್ಮ ಜಿಲ್ಲೆಯ ಮಟ್ಟದ ವರ್ಗದವರು ಅಭಿವೃದ್ಧಿ ಹೊಂದಲು ಸಾಧ್ಯವಾಗುತ್ತದೆ. ಇಂದು ರೈತರು ತಾನು ಬೆಳೆಯುವ ಬೆಳೆಗಳ ರೋಗಗಳ ಬಗ್ಗೆ ಅರಿವಿಲ್ಲದೆ ಸಾಕಷ್ಟು ನಷ್ಟ ಅನುಭವಿಸುತ್ತಿದ್ದಾರೆ. ಅದಕ್ಕೆ ಈ ರೀತಿಯಾದಂತಹ ಬೆಳೆಗಳ ಮಾಹಿತಿ ನೀಡುವ ಕೇಂದ್ರ ಸ್ಥಾಪಿಸಬೇಕು. ರೋಗಗಳ ಬಗ್ಗೆ ರೈತರಿಗೆ ಮಾಹಿತಿ ನೀಡಬೇಕು. ರಸ್ತೆ ಕಾಮಗಾರಿಗಳು ಗುಣಮಟ್ಟದಿಂದ ಕೂಡಿರಬೇಕು. ಸಿಂಥೆಟಿಕ್ ಟ್ರ್ಯಾಕ್, ಈಜುಕೊಳ, ಕ್ರೀಡಾಂಗಣ ಅಭಿವೃದ್ಧಿ ಕಾಮಗಾರಿಗಳನ್ನು ಶೀಘ್ರವಾಗಿ ಪೂರ್ಣಗೊಳಿಸಬೇಕು. ಇದರಿಂದ ನಗರದ ಯುವಕರಿಗೆ ಅನುಕೂಲವಾಗಲಿದೆ ಎಂದರು.
ಕಾರು ಮತ್ತು ಹೇಮಾವತಿ ಜಲಾಶಯದಲ್ಲಿ ಸಾಕಷ್ಟು ನೀರಿದೆ. ಜೊತೆಗೆ ಎತ್ತಿನಹೊಳೆ ಕುಡಿಯುವ ನೀರಿನ ಯೋಜನೆ ಪೂರ್ಣಗೊಂಡರೆ ನಗರಕ್ಕೆ ನೀರಿನ ಸಮಸ್ಯೆ ಇರುವುದಿಲ್ಲ. ಡಿಸೆಂಬರ್ 31ರ ಒಳಗೆ ಕಾಮಗಾರಿಗಳನ್ನು ಪೂರ್ಣಗೊಳಿಸಬೇಕು ಎಂದು ಸೂಚಿಸಿದರು. ನಮ್ಮ ಜಿಲ್ಲೆ ಅಭಿವೃದ್ಧಿಯಾಗಬೇಕು, ನಗರದ ಎಲ್ಲಾ ಸಮಸ್ಯೆಗಳನ್ನು ಪರಿಹರಿಸಬೇಕು ಎಂದರು. ಸಭೆಯಲ್ಲಿ ಶಾಸಕ ಜಿ.ಬಿ.ಜ್ಯೋತಿಗಣೇಶ್, ಸ್ಮಾರ್ಟ್‌ಸಿಟಿ ಎಂಡಿ ರಂಗಸ್ವಾಮಿ ಮತ್ತಿತರರಿದ್ದರು.
ನಗರ ಪ್ರಾಧಿಕಾರದ ನಾಗರಿಕರ ಒಟ್ಟಿಂದ ಅನುಕೂಲವಾಗುವ ಹಾಗೆ ಕೆಲಸ ಮಾಡಬೇಕು. ಸರ್ಕಾರದ ಹಣ ಪೋಲು ಆಗಬಾರದು. ಸ್ಮಾರ್ಟ್‌ಸಿಟಿ ಕಾಮಗಾರಿಗಳಲ್ಲಿ ಪಾರದರ್ಶಕತೆ ಕಾಪಾಡಬೇಕು. ಎಲ್ಲಾ ಇಲಾಖೆಗಳು ಸಮನ್ವಯದಿಂದ ಕೆಲಸ ಮಾಡಿದರೆ ಮಾತ್ರ ಉತ್ತಮ ಫಲಿತಾಂಶ ಸಾಧ್ಯ. ಈ ಯೋಜನೆ ಹಳ್ಳ ಹಿಡಿಯದಂತೆ ಎಚ್ಚರಿಕೆ ವಹಿಸಬೇಕು. ನಗರ ಶಾಸಕ ಜಿ.ಬಿ.ಜ್ಯೋತಿಗಣೇಶ್ ಮಾತನಾಡಿ, ಸ್ಮಾರ್ಟ್ ಸಿಟಿ ಯೋಜನೆಯಡಿ ಕೈಗೊಂಡಿರುವ ಕಾಮಗಾರಿಗಳ ಗುಣಮಟ್ಟ ಕಾಪಾಡಬೇಕು, 300 ವರ್ಷ ಬಾಳಿಕೆ ಬರುವಂತೆ ಕಾಮಗಾರಿ ನಿರ್ಮಿಸಬೇಕು ಎಂದರು. ಸಭೆಯಲ್ಲಿ ವಿವಿಧ ಇಲಾಖೆಗಳ ಅಧಿಕಾರಿಗಳು, ಸ್ಮಾರ್ಟ್‌ಸಿಟಿ ಸಿಬ್ಬಂದಿ ಹಾಜರಿದ್ದರು.
